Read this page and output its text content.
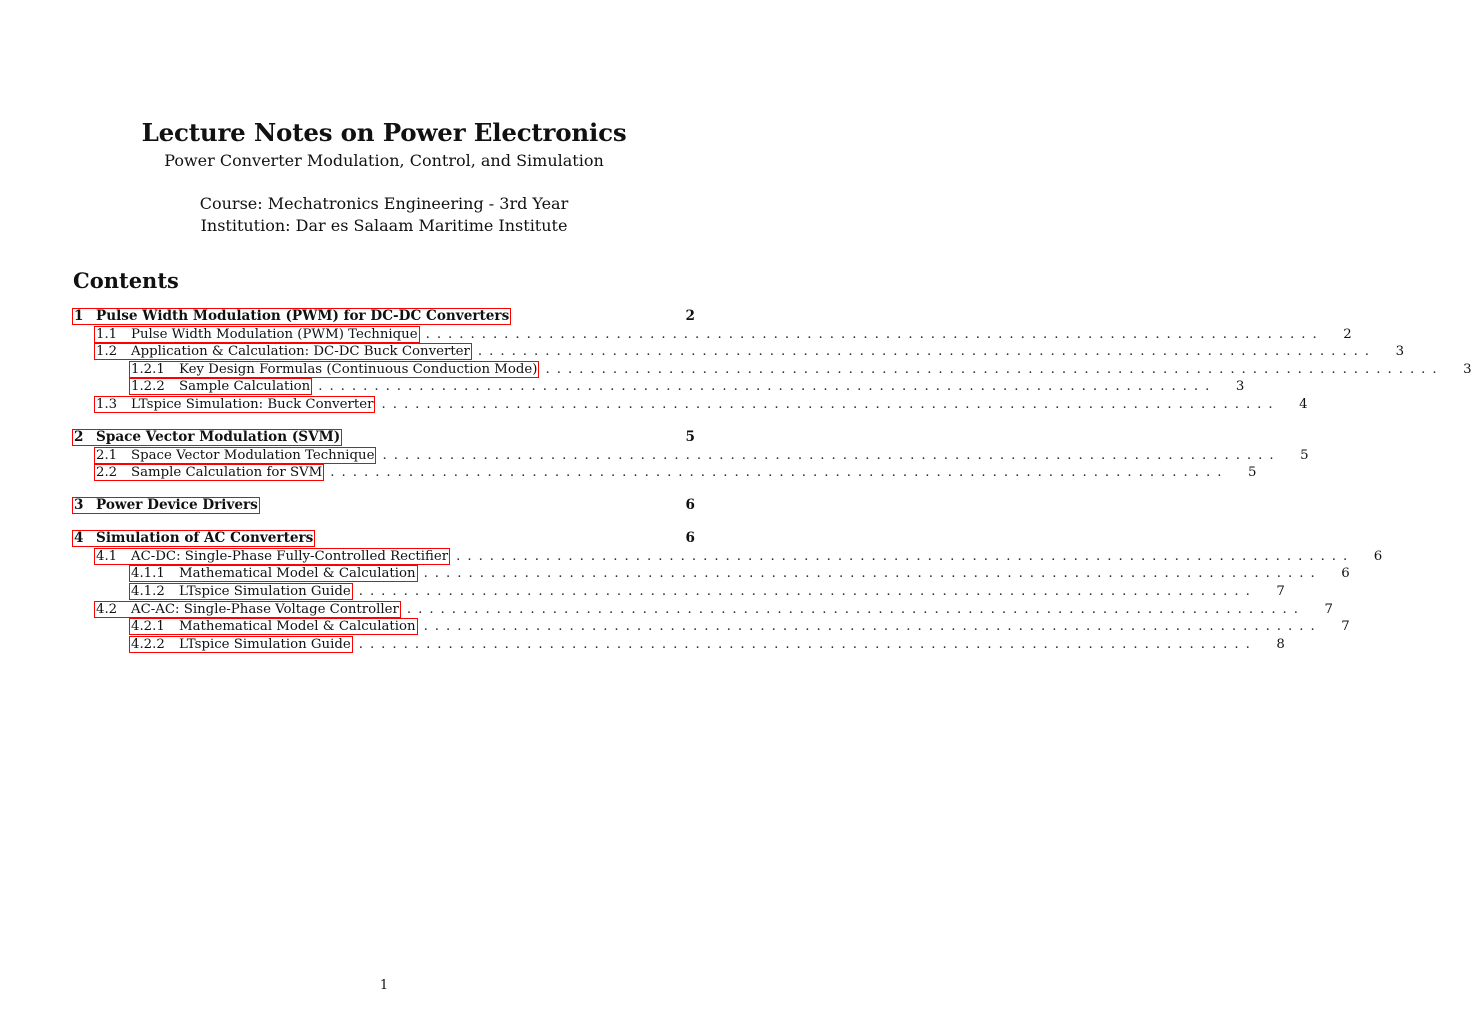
Lecture Notes on Power Electronics
Power Converter Modulation, Control, and Simulation
Course: Mechatronics Engineering - 3rd Year
Institution: Dar es Salaam Maritime Institute
Contents
1 Pulse Width Modulation (PWM) for DC-DC Converters	2
1.1	Pulse Width Modulation (PWM) Technique ................................................................................	2
1.2	Application & Calculation: DC-DC Buck Converter ................................................................................	3
1.2.1	Key Design Formulas (Continuous Conduction Mode) ................................................................................	3
1.2.2	Sample Calculation ................................................................................	3
1.3	LTspice Simulation: Buck Converter ................................................................................	4
2 Space Vector Modulation (SVM)	5
2.1	Space Vector Modulation Technique ................................................................................	5
2.2	Sample Calculation for SVM ................................................................................	5
3 Power Device Drivers	6
4 Simulation of AC Converters	6
4.1	AC-DC: Single-Phase Fully-Controlled Rectifier ................................................................................	6
4.1.1	Mathematical Model & Calculation ................................................................................	6
4.1.2	LTspice Simulation Guide ................................................................................	7
4.2	AC-AC: Single-Phase Voltage Controller ................................................................................	7
4.2.1	Mathematical Model & Calculation ................................................................................	7
4.2.2	LTspice Simulation Guide ................................................................................	8
1
